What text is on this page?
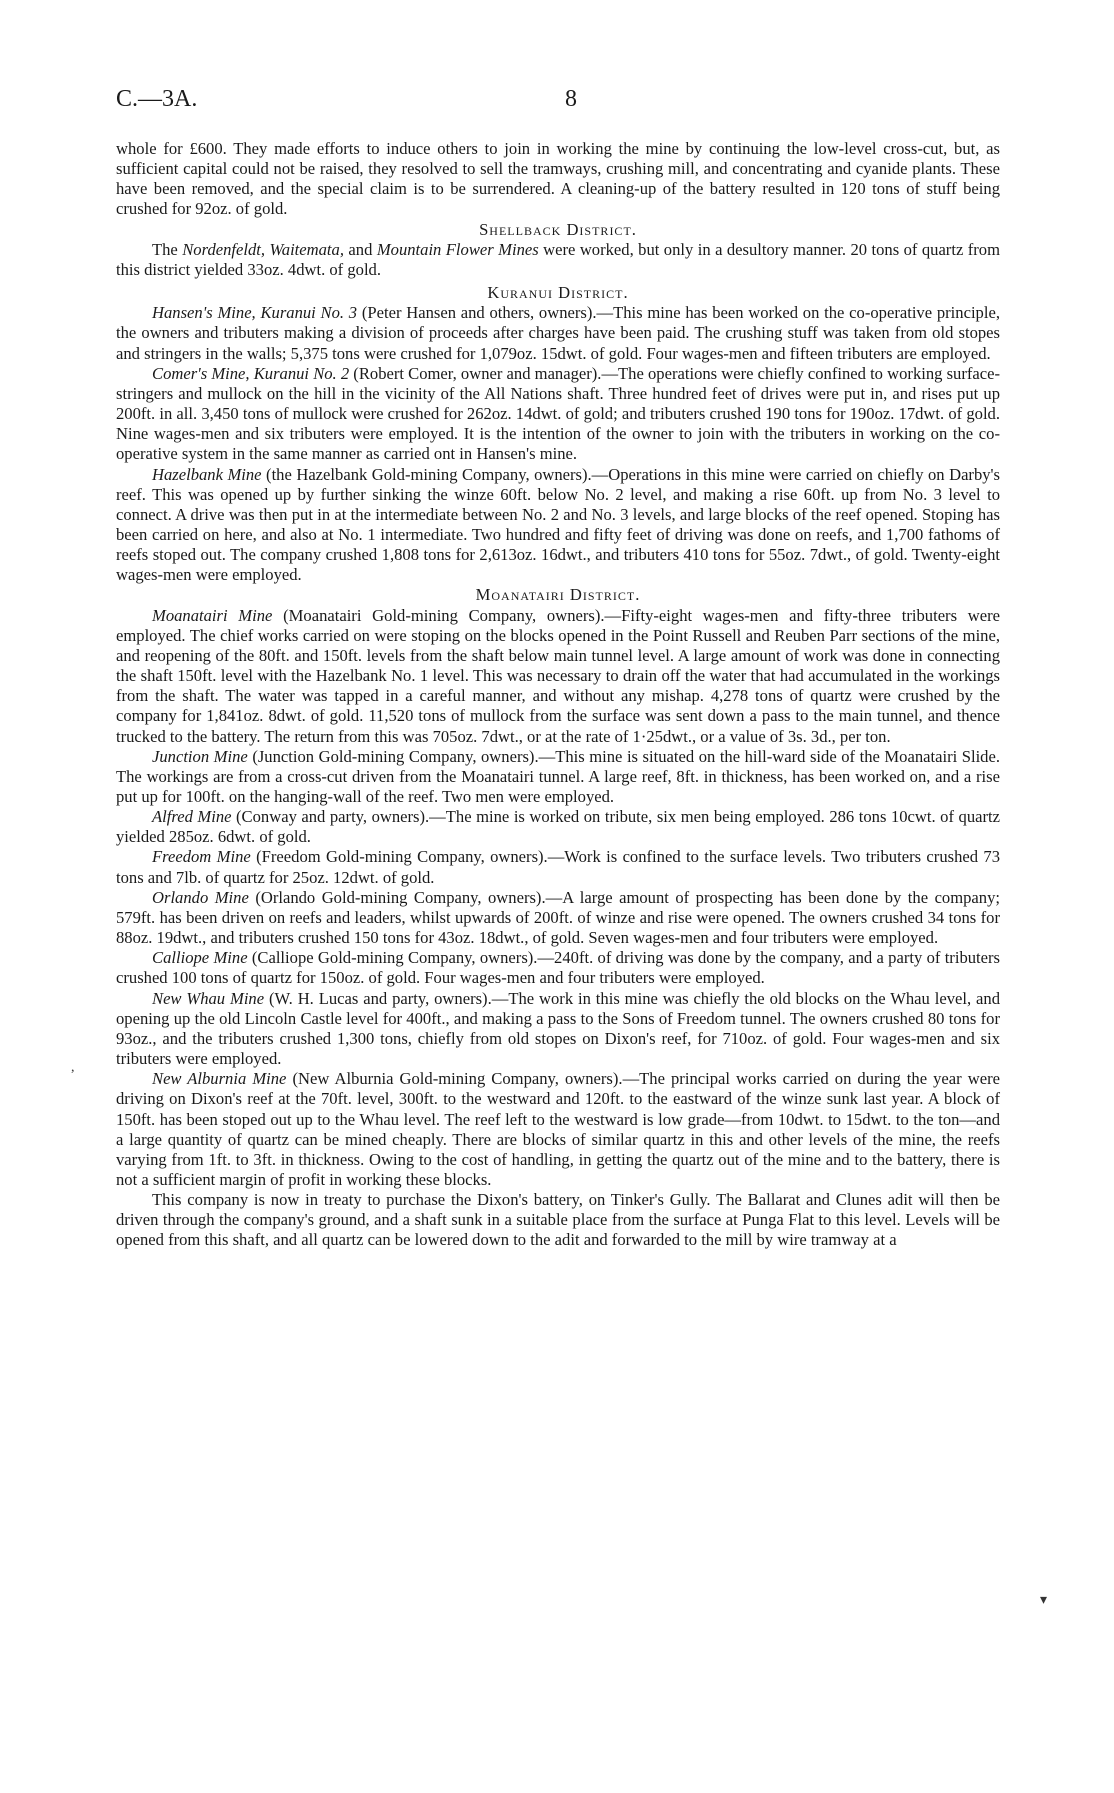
C.—3A.	8

whole for £600. They made efforts to induce others to join in working the mine by continuing the low-level cross-cut, but, as sufficient capital could not be raised, they resolved to sell the tramways, crushing mill, and concentrating and cyanide plants. These have been removed, and the special claim is to be surrendered. A cleaning-up of the battery resulted in 120 tons of stuff being crushed for 92oz. of gold.

Shellback District.

The Nordenfeldt, Waitemata, and Mountain Flower Mines were worked, but only in a desultory manner. 20 tons of quartz from this district yielded 33oz. 4dwt. of gold.

Kuranui District.

Hansen's Mine, Kuranui No. 3 (Peter Hansen and others, owners).—This mine has been worked on the co-operative principle, the owners and tributers making a division of proceeds after charges have been paid. The crushing stuff was taken from old stopes and stringers in the walls; 5,375 tons were crushed for 1,079oz. 15dwt. of gold. Four wages-men and fifteen tributers are employed.

Comer's Mine, Kuranui No. 2 (Robert Comer, owner and manager).—The operations were chiefly confined to working surface-stringers and mullock on the hill in the vicinity of the All Nations shaft. Three hundred feet of drives were put in, and rises put up 200ft. in all. 3,450 tons of mullock were crushed for 262oz. 14dwt. of gold; and tributers crushed 190 tons for 190oz. 17dwt. of gold. Nine wages-men and six tributers were employed. It is the intention of the owner to join with the tributers in working on the co-operative system in the same manner as carried ont in Hansen's mine.

Hazelbank Mine (the Hazelbank Gold-mining Company, owners).—Operations in this mine were carried on chiefly on Darby's reef. This was opened up by further sinking the winze 60ft. below No. 2 level, and making a rise 60ft. up from No. 3 level to connect. A drive was then put in at the intermediate between No. 2 and No. 3 levels, and large blocks of the reef opened. Stoping has been carried on here, and also at No. 1 intermediate. Two hundred and fifty feet of driving was done on reefs, and 1,700 fathoms of reefs stoped out. The company crushed 1,808 tons for 2,613oz. 16dwt., and tributers 410 tons for 55oz. 7dwt., of gold. Twenty-eight wages-men were employed.

Moanatairi District.

Moanatairi Mine (Moanatairi Gold-mining Company, owners).—Fifty-eight wages-men and fifty-three tributers were employed. The chief works carried on were stoping on the blocks opened in the Point Russell and Reuben Parr sections of the mine, and reopening of the 80ft. and 150ft. levels from the shaft below main tunnel level. A large amount of work was done in connecting the shaft 150ft. level with the Hazelbank No. 1 level. This was necessary to drain off the water that had accumulated in the workings from the shaft. The water was tapped in a careful manner, and without any mishap. 4,278 tons of quartz were crushed by the company for 1,841oz. 8dwt. of gold. 11,520 tons of mullock from the surface was sent down a pass to the main tunnel, and thence trucked to the battery. The return from this was 705oz. 7dwt., or at the rate of 1·25dwt., or a value of 3s. 3d., per ton.

Junction Mine (Junction Gold-mining Company, owners).—This mine is situated on the hill-ward side of the Moanatairi Slide. The workings are from a cross-cut driven from the Moanatairi tunnel. A large reef, 8ft. in thickness, has been worked on, and a rise put up for 100ft. on the hanging-wall of the reef. Two men were employed.

Alfred Mine (Conway and party, owners).—The mine is worked on tribute, six men being employed. 286 tons 10cwt. of quartz yielded 285oz. 6dwt. of gold.

Freedom Mine (Freedom Gold-mining Company, owners).—Work is confined to the surface levels. Two tributers crushed 73 tons and 7lb. of quartz for 25oz. 12dwt. of gold.

Orlando Mine (Orlando Gold-mining Company, owners).—A large amount of prospecting has been done by the company; 579ft. has been driven on reefs and leaders, whilst upwards of 200ft. of winze and rise were opened. The owners crushed 34 tons for 88oz. 19dwt., and tributers crushed 150 tons for 43oz. 18dwt., of gold. Seven wages-men and four tributers were employed.

Calliope Mine (Calliope Gold-mining Company, owners).—240ft. of driving was done by the company, and a party of tributers crushed 100 tons of quartz for 150oz. of gold. Four wages-men and four tributers were employed.

New Whau Mine (W. H. Lucas and party, owners).—The work in this mine was chiefly the old blocks on the Whau level, and opening up the old Lincoln Castle level for 400ft., and making a pass to the Sons of Freedom tunnel. The owners crushed 80 tons for 93oz., and the tributers crushed 1,300 tons, chiefly from old stopes on Dixon's reef, for 710oz. of gold. Four wages-men and six tributers were employed.

New Alburnia Mine (New Alburnia Gold-mining Company, owners).—The principal works carried on during the year were driving on Dixon's reef at the 70ft. level, 300ft. to the westward and 120ft. to the eastward of the winze sunk last year. A block of 150ft. has been stoped out up to the Whau level. The reef left to the westward is low grade—from 10dwt. to 15dwt. to the ton—and a large quantity of quartz can be mined cheaply. There are blocks of similar quartz in this and other levels of the mine, the reefs varying from 1ft. to 3ft. in thickness. Owing to the cost of handling, in getting the quartz out of the mine and to the battery, there is not a sufficient margin of profit in working these blocks.

This company is now in treaty to purchase the Dixon's battery, on Tinker's Gully. The Ballarat and Clunes adit will then be driven through the company's ground, and a shaft sunk in a suitable place from the surface at Punga Flat to this level. Levels will be opened from this shaft, and all quartz can be lowered down to the adit and forwarded to the mill by wire tramway at a

,
▾
